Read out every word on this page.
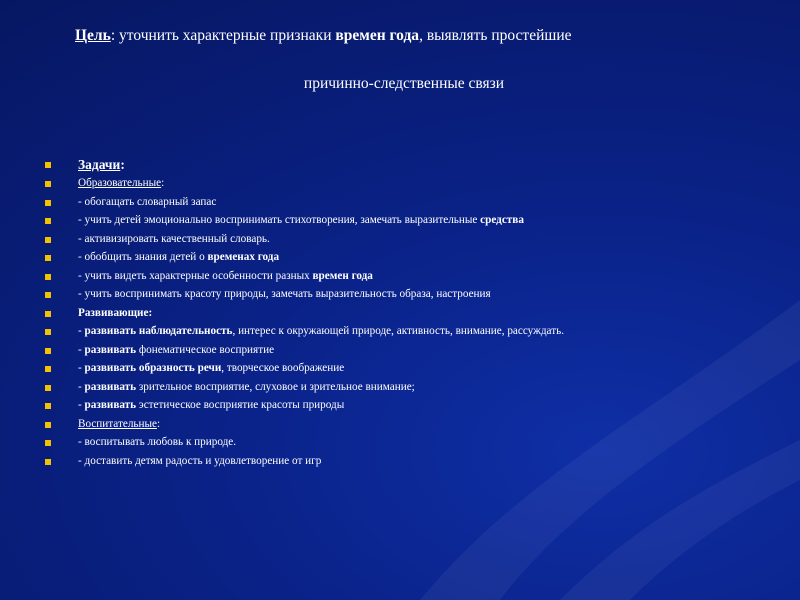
Цель: уточнить характерные признаки времен года, выявлять простейшие

причинно-следственные связи

Задачи:
Образовательные:
- обогащать словарный запас
- учить детей эмоционально воспринимать стихотворения, замечать выразительные средства
- активизировать качественный словарь.
- обобщить знания детей о временах года
- учить видеть характерные особенности разных времен года
- учить воспринимать красоту природы, замечать выразительность образа, настроения
Развивающие:
- развивать наблюдательность, интерес к окружающей природе, активность, внимание, рассуждать.
- развивать фонематическое восприятие
- развивать образность речи, творческое воображение
- развивать зрительное восприятие, слуховое и зрительное внимание;
- развивать эстетическое восприятие красоты природы
Воспитательные:
- воспитывать любовь к природе.
- доставить детям радость и удовлетворение от игр
